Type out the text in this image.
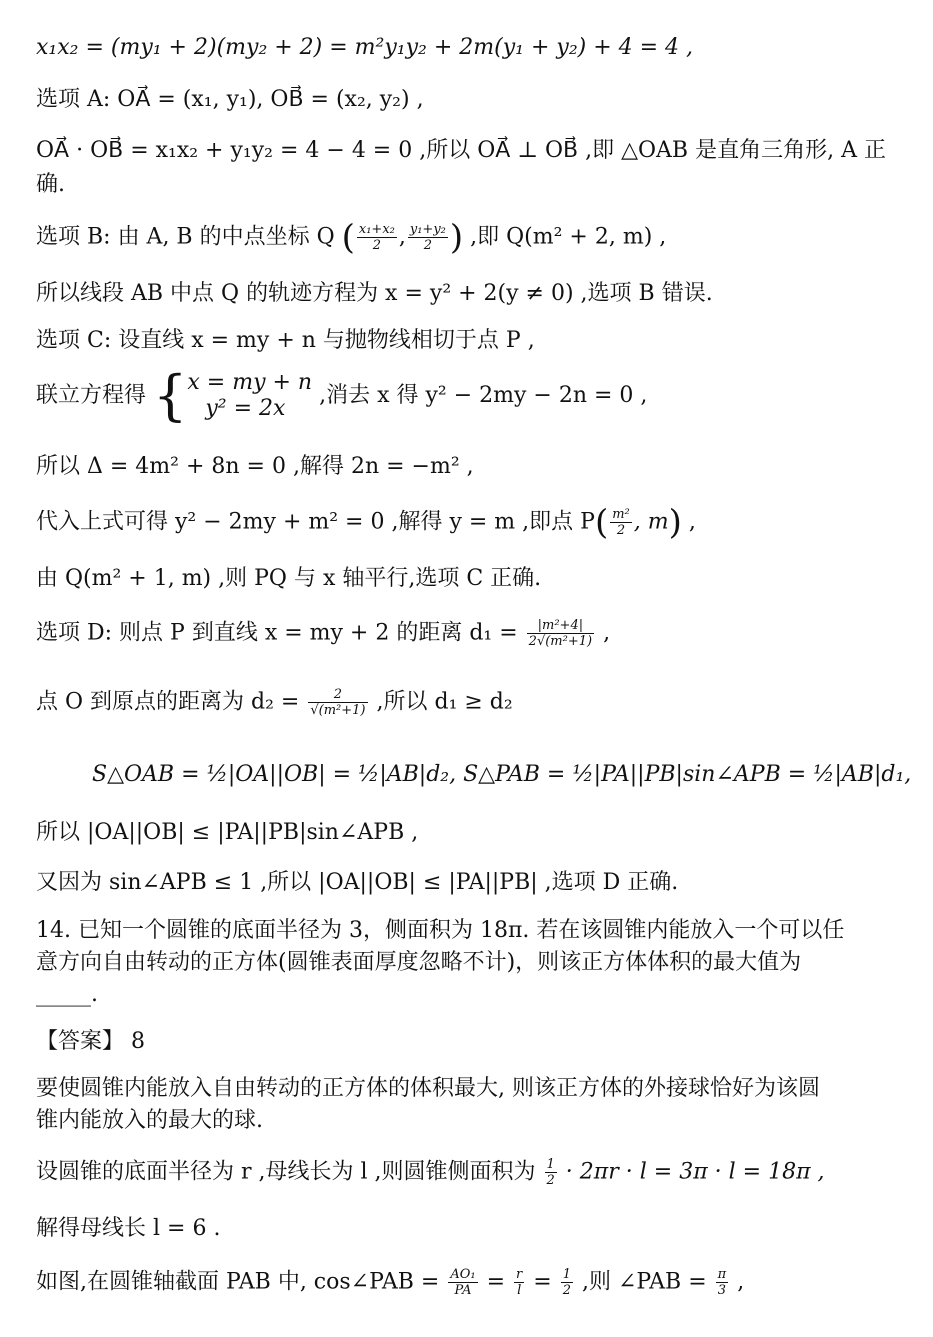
x₁x₂ = (my₁ + 2)(my₂ + 2) = m²y₁y₂ + 2m(y₁ + y₂) + 4 = 4 ,
选项 A: OA⃗ = (x₁, y₁), OB⃗ = (x₂, y₂) ,
OA⃗ · OB⃗ = x₁x₂ + y₁y₂ = 4 − 4 = 0 ,所以 OA⃗ ⊥ OB⃗ ,即 △OAB 是直角三角形, A 正
确.
选项 B: 由 A, B 的中点坐标 Q ( $\frac{\text{x₁+x₂}}{2}$ , $\frac{\text{y₁+y₂}}{2}$ ) ,即 Q(m² + 2, m) ,
所以线段 AB 中点 Q 的轨迹方程为 x = y² + 2(y ≠ 0) ,选项 B 错误.
选项 C: 设直线 x = my + n 与抛物线相切于点 P ,
联立方程得 { x = my + n
y² = 2x
,消去 x 得 y² − 2my − 2n = 0 ,
所以 Δ = 4m² + 8n = 0 ,解得 2n = −m² ,
代入上式可得 y² − 2my + m² = 0 ,解得 y = m ,即点 $P( \frac{\text{m²}}{2}$ , m) ,
由 Q(m² + 1, m) ,则 PQ 与 x 轴平行,选项 C 正确.
选项 D: 则点 P 到直线 x = my + 2 的距离 $d_1 = \frac{\text{|m²+4|}}{\text{2√(m²+1)}}$ ,
点 O 到原点的距离为 $d_2 = \frac{2}{\text{√(m²+1)}}$ ,所以 d₁ ≥ d₂
S△OAB = ½|OA||OB| = ½|AB|d₂, S△PAB = ½|PA||PB|sin∠APB = ½|AB|d₁,
所以 |OA||OB| ≤ |PA||PB|sin∠APB ,
又因为 sin∠APB ≤ 1 ,所以 |OA||OB| ≤ |PA||PB| ,选项 D 正确.
14. 已知一个圆锥的底面半径为 3，侧面积为 18π. 若在该圆锥内能放入一个可以任
意方向自由转动的正方体(圆锥表面厚度忽略不计)，则该正方体体积的最大值为
_____.
【答案】 8
要使圆锥内能放入自由转动的正方体的体积最大, 则该正方体的外接球恰好为该圆
锥内能放入的最大的球.
设圆锥的底面半径为 r ,母线长为 l ,则圆锥侧面积为 $\frac{1}{2} \cdot 2\pi r \cdot l = 3\pi \cdot l = 18\pi$ ,
解得母线长 l = 6 .
如图,在圆锥轴截面 PAB 中, cos∠PAB = $\frac{\text{AO₁}}{PA} = \frac{r}{l} = \frac{1}{2}$ ,则 ∠PAB = $\frac{\pi}{3}$ ,
